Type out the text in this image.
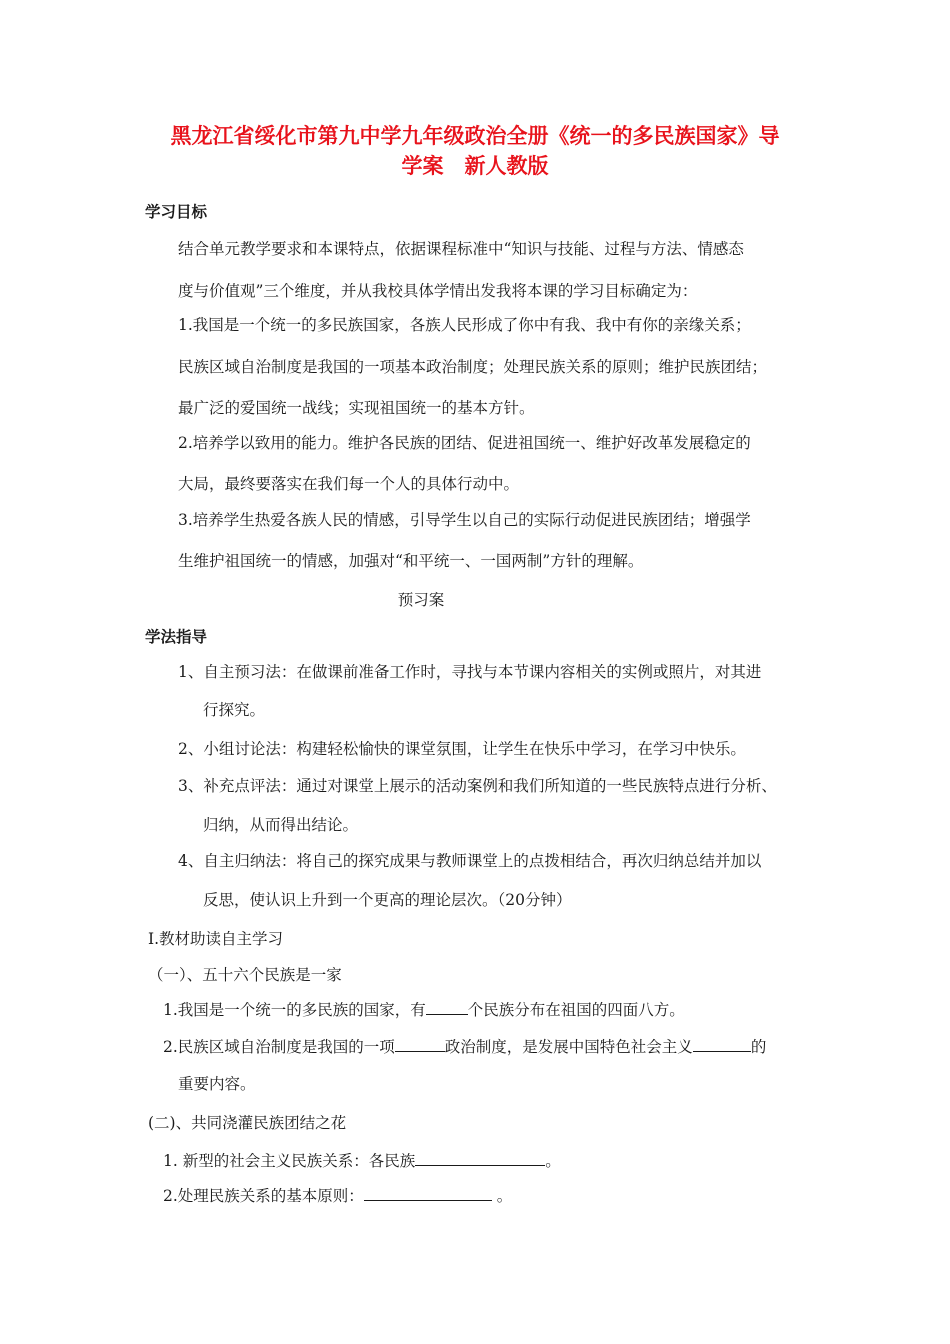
黑龙江省绥化市第九中学九年级政治全册《统一的多民族国家》导
学案　新人教版
学习目标
结合单元教学要求和本课特点，依据课程标准中“知识与技能、过程与方法、情感态
度与价值观”三个维度，并从我校具体学情出发我将本课的学习目标确定为：
1.我国是一个统一的多民族国家，各族人民形成了你中有我、我中有你的亲缘关系；
民族区域自治制度是我国的一项基本政治制度；处理民族关系的原则；维护民族团结；
最广泛的爱国统一战线；实现祖国统一的基本方针。
2.培养学以致用的能力。维护各民族的团结、促进祖国统一、维护好改革发展稳定的
大局，最终要落实在我们每一个人的具体行动中。
3.培养学生热爱各族人民的情感，引导学生以自己的实际行动促进民族团结；增强学
生维护祖国统一的情感，加强对“和平统一、一国两制”方针的理解。
预习案
学法指导
1、自主预习法：在做课前准备工作时，寻找与本节课内容相关的实例或照片，对其进
行探究。
2、小组讨论法：构建轻松愉快的课堂氛围，让学生在快乐中学习，在学习中快乐。
3、补充点评法：通过对课堂上展示的活动案例和我们所知道的一些民族特点进行分析、
归纳，从而得出结论。
4、自主归纳法：将自己的探究成果与教师课堂上的点拨相结合，再次归纳总结并加以
反思，使认识上升到一个更高的理论层次。（20分钟）
Ⅰ.教材助读自主学习
（一）、五十六个民族是一家
1.我国是一个统一的多民族的国家，有	个民族分布在祖国的四面八方。
2.民族区域自治制度是我国的一项	政治制度，是发展中国特色社会主义	的
重要内容。
(二)、共同浇灌民族团结之花
1. 新型的社会主义民族关系：各民族	。
2.处理民族关系的基本原则：	。
